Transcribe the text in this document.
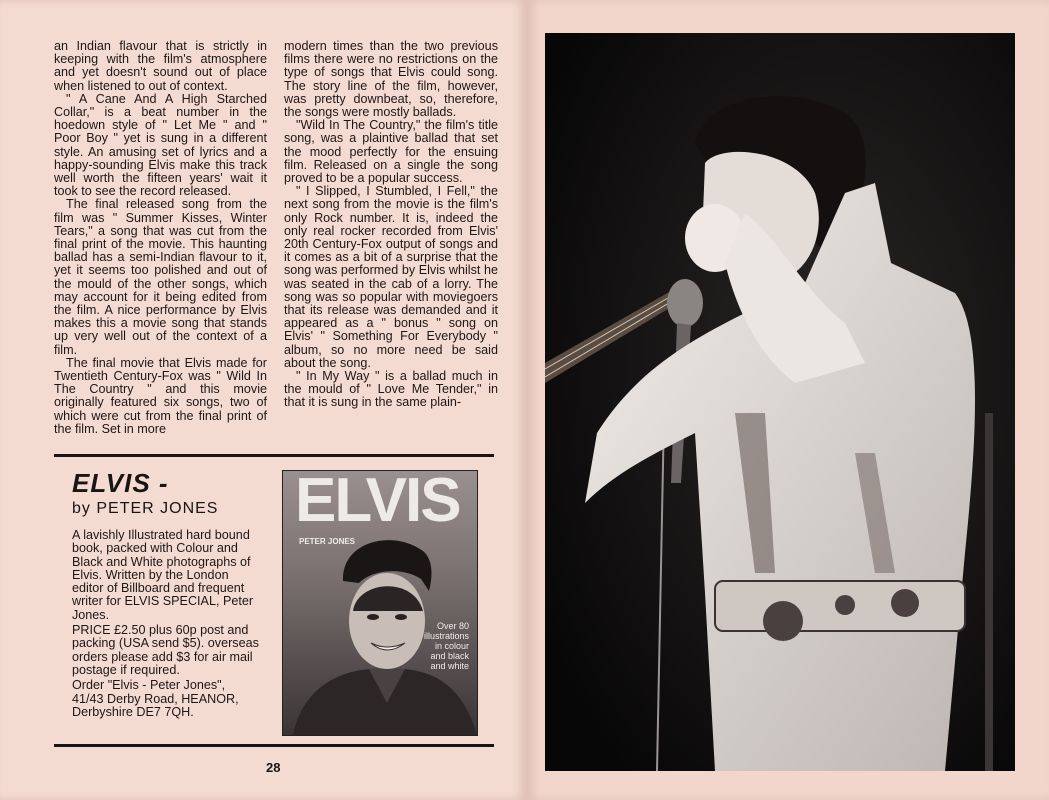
an Indian flavour that is strictly in keeping with the film's atmosphere and yet doesn't sound out of place when listened to out of context.

" A Cane And A High Starched Collar," is a beat number in the hoedown style of " Let Me " and " Poor Boy " yet is sung in a different style. An amusing set of lyrics and a happy-sounding Elvis make this track well worth the fifteen years' wait it took to see the record released.

The final released song from the film was " Summer Kisses, Winter Tears," a song that was cut from the final print of the movie. This haunting ballad has a semi-Indian flavour to it, yet it seems too polished and out of the mould of the other songs, which may account for it being edited from the film. A nice performance by Elvis makes this a movie song that stands up very well out of the context of a film.

The final movie that Elvis made for Twentieth Century-Fox was " Wild In The Country " and this movie originally featured six songs, two of which were cut from the final print of the film. Set in more

modern times than the two previous films there were no restrictions on the type of songs that Elvis could song. The story line of the film, however, was pretty downbeat, so, therefore, the songs were mostly ballads.

"Wild In The Country," the film's title song, was a plaintive ballad that set the mood perfectly for the ensuing film. Released on a single the song proved to be a popular success.

" I Slipped, I Stumbled, I Fell," the next song from the movie is the film's only Rock number. It is, indeed the only real rocker recorded from Elvis' 20th Century-Fox output of songs and it comes as a bit of a surprise that the song was performed by Elvis whilst he was seated in the cab of a lorry. The song was so popular with moviegoers that its release was demanded and it appeared as a " bonus " song on Elvis' " Something For Everybody " album, so no more need be said about the song.

" In My Way " is a ballad much in the mould of " Love Me Tender," in that it is sung in the same plain-

ELVIS -
by PETER JONES

A lavishly Illustrated hard bound book, packed with Colour and Black and White photographs of Elvis. Written by the London editor of Billboard and frequent writer for ELVIS SPECIAL, Peter Jones.

PRICE £2.50 plus 60p post and packing (USA send $5). overseas orders please add $3 for air mail postage if required.

Order "Elvis - Peter Jones",
41/43 Derby Road, HEANOR,
Derbyshire DE7 7QH.
ELVIS
PETER JONES
Over 80 illustrations in colour and black and white
28
